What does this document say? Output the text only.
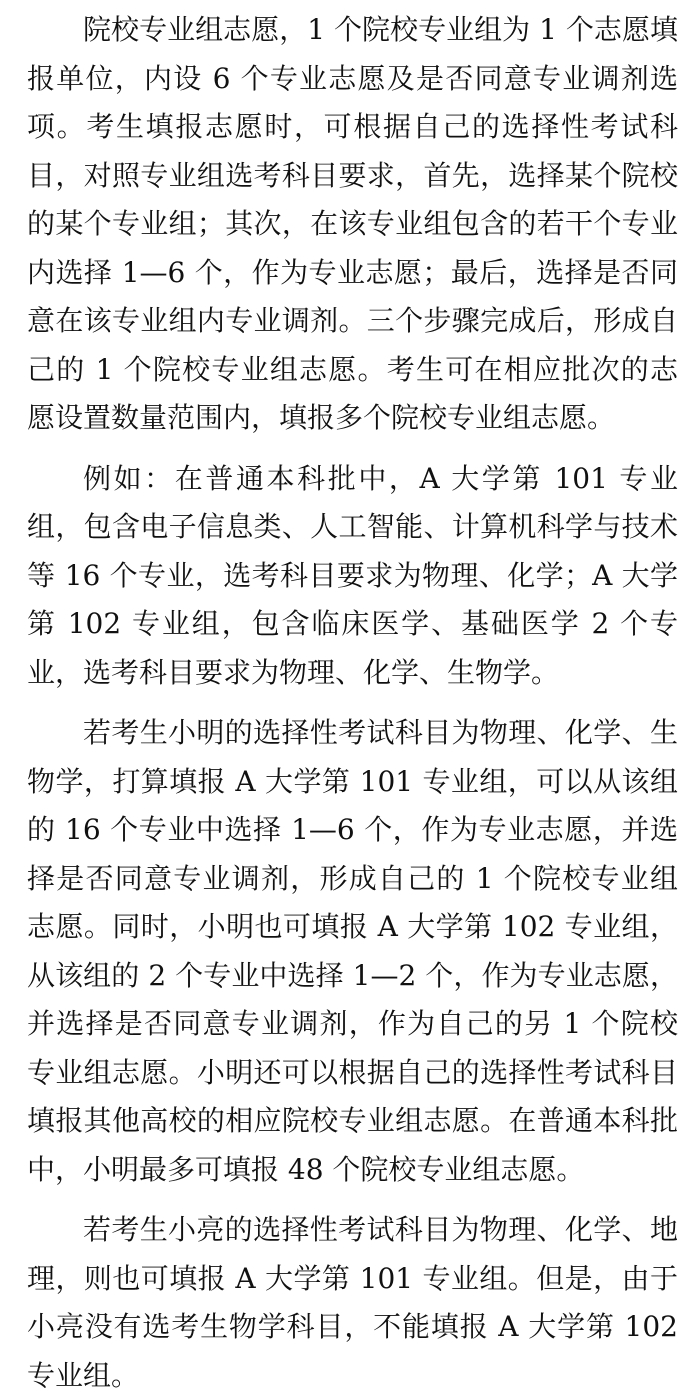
院校专业组志愿，1 个院校专业组为 1 个志愿填报单位，内设 6 个专业志愿及是否同意专业调剂选项。考生填报志愿时，可根据自己的选择性考试科目，对照专业组选考科目要求，首先，选择某个院校的某个专业组；其次，在该专业组包含的若干个专业内选择 1—6 个，作为专业志愿；最后，选择是否同意在该专业组内专业调剂。三个步骤完成后，形成自己的 1 个院校专业组志愿。考生可在相应批次的志愿设置数量范围内，填报多个院校专业组志愿。

例如：在普通本科批中，A 大学第 101 专业组，包含电子信息类、人工智能、计算机科学与技术等 16 个专业，选考科目要求为物理、化学；A 大学第 102 专业组，包含临床医学、基础医学 2 个专业，选考科目要求为物理、化学、生物学。

若考生小明的选择性考试科目为物理、化学、生物学，打算填报 A 大学第 101 专业组，可以从该组的 16 个专业中选择 1—6 个，作为专业志愿，并选择是否同意专业调剂，形成自己的 1 个院校专业组志愿。同时，小明也可填报 A 大学第 102 专业组，从该组的 2 个专业中选择 1—2 个，作为专业志愿，并选择是否同意专业调剂，作为自己的另 1 个院校专业组志愿。小明还可以根据自己的选择性考试科目填报其他高校的相应院校专业组志愿。在普通本科批中，小明最多可填报 48 个院校专业组志愿。

若考生小亮的选择性考试科目为物理、化学、地理，则也可填报 A 大学第 101 专业组。但是，由于小亮没有选考生物学科目，不能填报 A 大学第 102 专业组。
